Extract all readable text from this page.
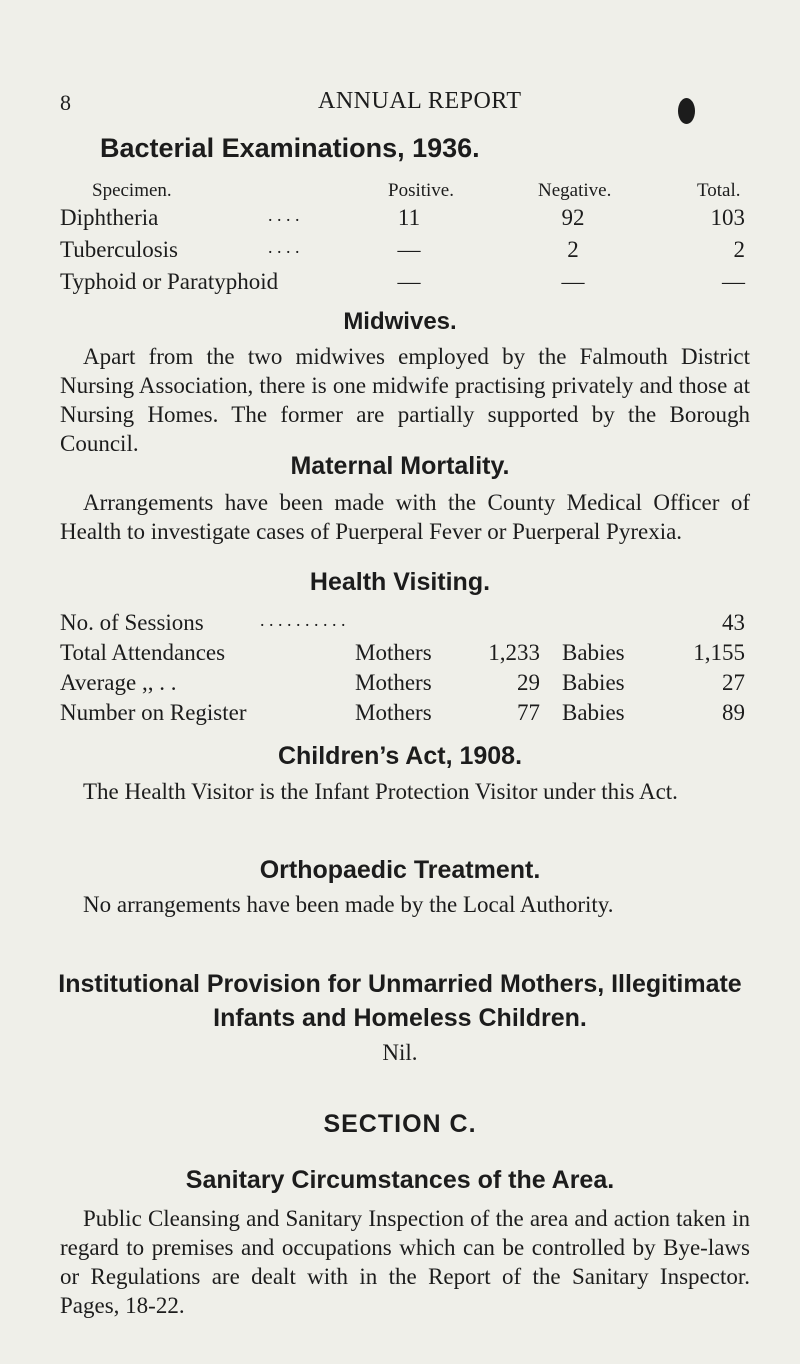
8	ANNUAL REPORT
Bacterial Examinations, 1936.
Specimen.	Positive.	Negative.	Total.
Diphtheria	. . . .	11	92	103
Tuberculosis	. . . .	—	2	2
Typhoid or Paratyphoid	—	—	—
Midwives.

Apart from the two midwives employed by the Falmouth District Nursing Association, there is one midwife practising privately and those at Nursing Homes. The former are partially supported by the Borough Council.

Maternal Mortality.

Arrangements have been made with the County Medical Officer of Health to investigate cases of Puerperal Fever or Puerperal Pyrexia.

Health Visiting.
No. of Sessions	. . . . . . . . . .	43
Total Attendances	Mothers	1,233 Babies	1,155
Average ,, . .	Mothers	29 Babies	27
Number on Register	Mothers	77 Babies	89
Children’s Act, 1908.

The Health Visitor is the Infant Protection Visitor under this Act.

Orthopaedic Treatment.

No arrangements have been made by the Local Authority.

Institutional Provision for Unmarried Mothers, Illegitimate
Infants and Homeless Children.
Nil.
SECTION C.
Sanitary Circumstances of the Area.

Public Cleansing and Sanitary Inspection of the area and action taken in regard to premises and occupations which can be controlled by Bye-laws or Regulations are dealt with in the Report of the Sanitary Inspector. Pages, 18-22.
